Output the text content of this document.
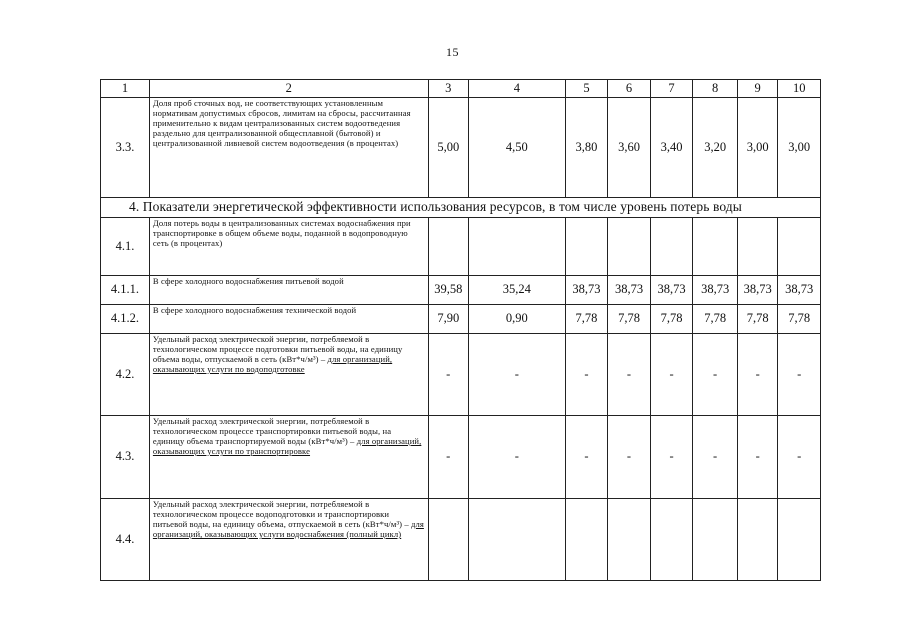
15
1	2	3	4	5	6	7	8	9	10
3.3.	Доля проб сточных вод, не соответствующих установленным нормативам допустимых сбросов, лимитам на сбросы, рассчитанная применительно к видам централизованных систем водоотведения раздельно для централизованной общесплавной (бытовой) и централизованной ливневой систем водоотведения (в процентах)	5,00	4,50	3,80	3,60	3,40	3,20	3,00	3,00
4. Показатели энергетической эффективности использования ресурсов, в том числе уровень потерь воды									
4.1.	Доля потерь воды в централизованных системах водоснабжения при транспортировке в общем объеме воды, поданной в водопроводную сеть (в процентах)								
4.1.1.	В сфере холодного водоснабжения питьевой водой	39,58	35,24	38,73	38,73	38,73	38,73	38,73	38,73
4.1.2.	В сфере холодного водоснабжения технической водой	7,90	0,90	7,78	7,78	7,78	7,78	7,78	7,78
4.2.	Удельный расход электрической энергии, потребляемой в технологическом процессе подготовки питьевой воды, на единицу объема воды, отпускаемой в сеть (кВт*ч/м³) – для организаций, оказывающих услуги по водоподготовке	-	-	-	-	-	-	-	-
4.3.	Удельный расход электрической энергии, потребляемой в технологическом процессе транспортировки питьевой воды, на единицу объема транспортируемой воды (кВт*ч/м³) – для организаций, оказывающих услуги по транспортировке	-	-	-	-	-	-	-	-
4.4.	Удельный расход электрической энергии, потребляемой в технологическом процессе водоподготовки и транспортировки питьевой воды, на единицу объема, отпускаемой в сеть (кВт*ч/м³) – для организаций, оказывающих услуги водоснабжения (полный цикл)								
